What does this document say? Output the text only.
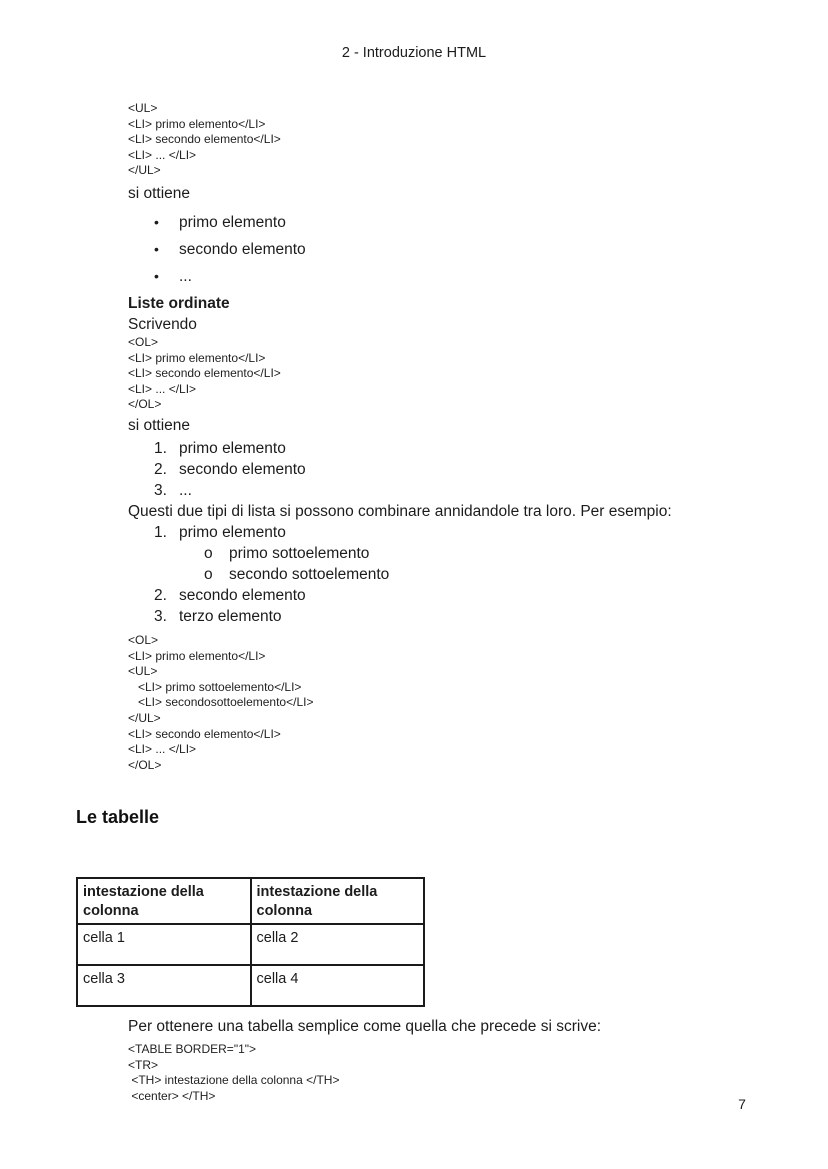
2 - Introduzione HTML
<UL>
<LI> primo elemento</LI>
<LI> secondo elemento</LI>
<LI> ... </LI>
</UL>
si ottiene
•	primo elemento
•	secondo elemento
•	...
Liste ordinate
Scrivendo
<OL>
<LI> primo elemento</LI>
<LI> secondo elemento</LI>
<LI> ... </LI>
</OL>
si ottiene
1. primo elemento
2. secondo elemento
3. ...
Questi due tipi di lista si possono combinare annidandole tra loro. Per esempio:
1. primo elemento
o	primo sottoelemento
o	secondo sottoelemento
2. secondo elemento
3. terzo elemento
<OL>
<LI> primo elemento</LI>
<UL>
<LI> primo sottoelemento</LI>
<LI> secondosottoelemento</LI>
</UL>
<LI> secondo elemento</LI>
<LI> ... </LI>
</OL>
Le tabelle
intestazione della colonna	intestazione della colonna
cella 1	cella 2
cella 3	cella 4
Per ottenere una tabella semplice come quella che precede si scrive:
<TABLE BORDER="1">
<TR>
<TH> intestazione della colonna </TH>
<center> </TH>	7
